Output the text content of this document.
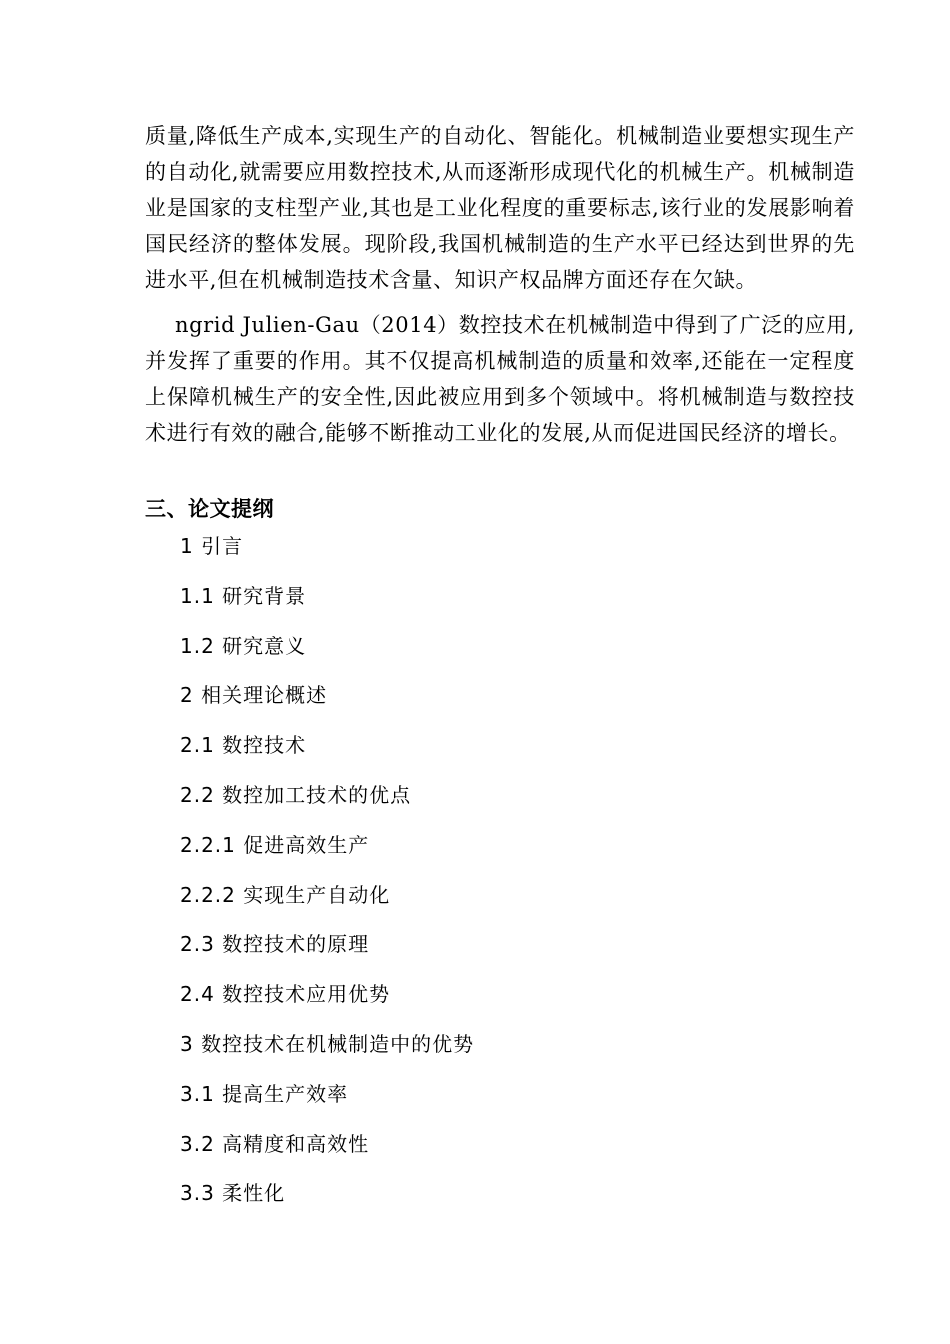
质量,降低生产成本,实现生产的自动化、智能化。机械制造业要想实现生产的自动化,就需要应用数控技术,从而逐渐形成现代化的机械生产。机械制造业是国家的支柱型产业,其也是工业化程度的重要标志,该行业的发展影响着国民经济的整体发展。现阶段,我国机械制造的生产水平已经达到世界的先进水平,但在机械制造技术含量、知识产权品牌方面还存在欠缺。

ngrid Julien-Gau（2014）数控技术在机械制造中得到了广泛的应用,并发挥了重要的作用。其不仅提高机械制造的质量和效率,还能在一定程度上保障机械生产的安全性,因此被应用到多个领域中。将机械制造与数控技术进行有效的融合,能够不断推动工业化的发展,从而促进国民经济的增长。

三、论文提纲
1 引言
1.1 研究背景
1.2 研究意义
2 相关理论概述
2.1 数控技术
2.2 数控加工技术的优点
2.2.1 促进高效生产
2.2.2 实现生产自动化
2.3 数控技术的原理
2.4 数控技术应用优势
3 数控技术在机械制造中的优势
3.1 提高生产效率
3.2 高精度和高效性
3.3 柔性化
